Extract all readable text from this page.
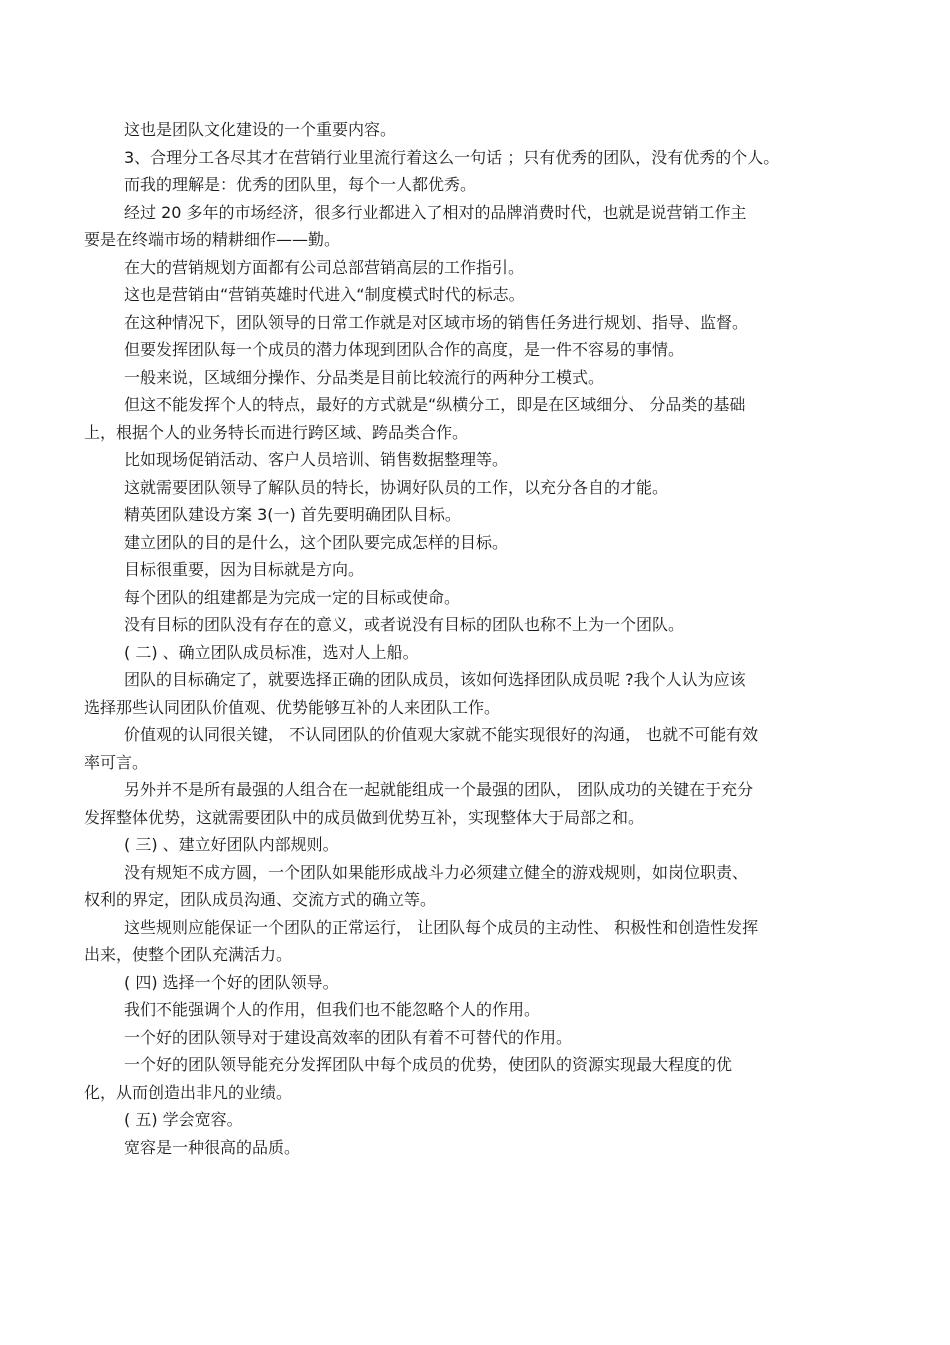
这也是团队文化建设的一个重要内容。

3、合理分工各尽其才在营销行业里流行着这么一句话 ；只有优秀的团队，没有优秀的个人。

而我的理解是：优秀的团队里，每个一人都优秀。

经过 20 多年的市场经济，很多行业都进入了相对的品牌消费时代，也就是说营销工作主
要是在终端市场的精耕细作——勤。

在大的营销规划方面都有公司总部营销高层的工作指引。

这也是营销由“营销英雄时代进入“制度模式时代的标志。

在这种情况下，团队领导的日常工作就是对区域市场的销售任务进行规划、指导、监督。

但要发挥团队每一个成员的潜力体现到团队合作的高度，是一件不容易的事情。

一般来说，区域细分操作、分品类是目前比较流行的两种分工模式。

但这不能发挥个人的特点，最好的方式就是“纵横分工，即是在区域细分、 分品类的基础
上，根据个人的业务特长而进行跨区域、跨品类合作。

比如现场促销活动、客户人员培训、销售数据整理等。

这就需要团队领导了解队员的特长，协调好队员的工作，以充分各自的才能。

精英团队建设方案 3(一) 首先要明确团队目标。

建立团队的目的是什么，这个团队要完成怎样的目标。

目标很重要，因为目标就是方向。

每个团队的组建都是为完成一定的目标或使命。

没有目标的团队没有存在的意义，或者说没有目标的团队也称不上为一个团队。

( 二) 、确立团队成员标准，选对人上船。

团队的目标确定了，就要选择正确的团队成员，该如何选择团队成员呢 ?我个人认为应该
选择那些认同团队价值观、优势能够互补的人来团队工作。

价值观的认同很关键， 不认同团队的价值观大家就不能实现很好的沟通， 也就不可能有效
率可言。

另外并不是所有最强的人组合在一起就能组成一个最强的团队， 团队成功的关键在于充分
发挥整体优势，这就需要团队中的成员做到优势互补，实现整体大于局部之和。

( 三) 、建立好团队内部规则。

没有规矩不成方圆，一个团队如果能形成战斗力必须建立健全的游戏规则，如岗位职责、
权利的界定，团队成员沟通、交流方式的确立等。

这些规则应能保证一个团队的正常运行， 让团队每个成员的主动性、 积极性和创造性发挥
出来，使整个团队充满活力。

( 四) 选择一个好的团队领导。

我们不能强调个人的作用，但我们也不能忽略个人的作用。

一个好的团队领导对于建设高效率的团队有着不可替代的作用。

一个好的团队领导能充分发挥团队中每个成员的优势，使团队的资源实现最大程度的优
化，从而创造出非凡的业绩。

( 五) 学会宽容。

宽容是一种很高的品质。
